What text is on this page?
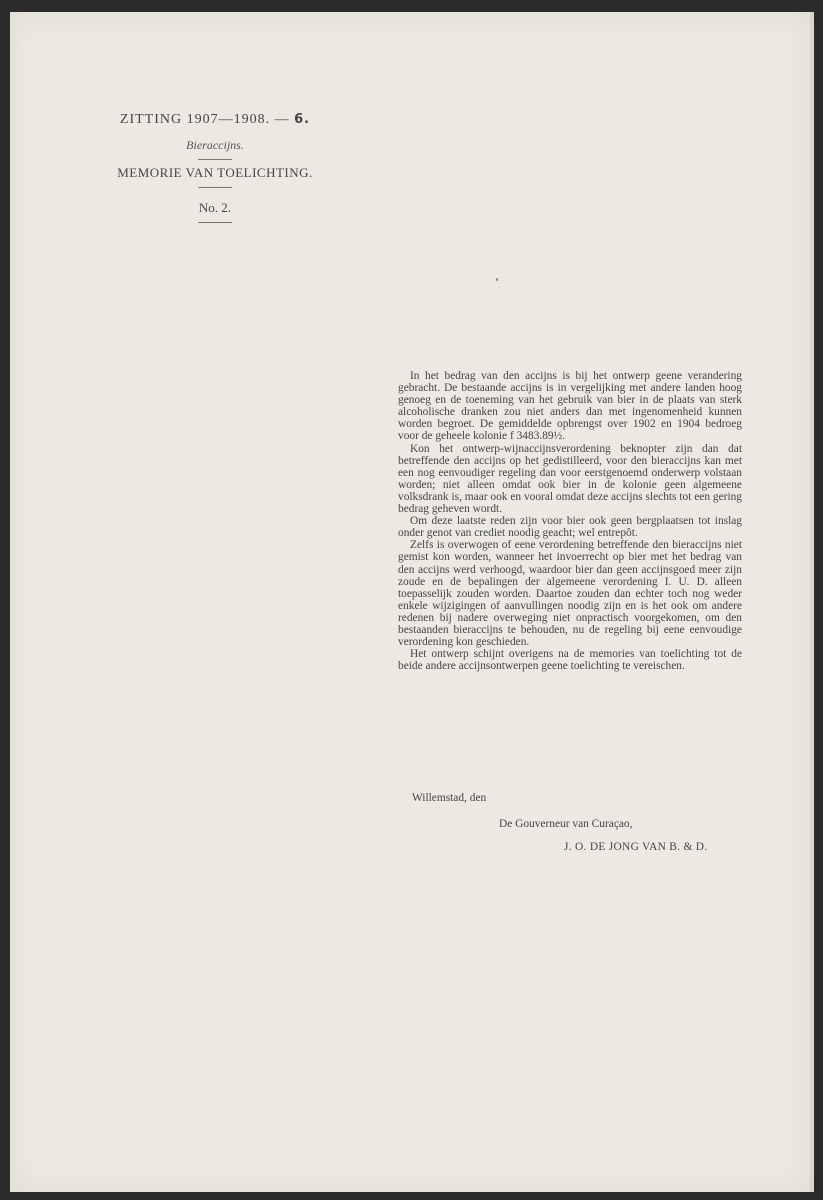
ZITTING 1907—1908. — 6.
Bieraccijns.
MEMORIE VAN TOELICHTING.
No. 2.

In het bedrag van den accijns is bij het ontwerp geene verandering gebracht. De bestaande accijns is in vergelijking met andere landen hoog genoeg en de toeneming van het gebruik van bier in de plaats van sterk alcoholische dranken zou niet anders dan met ingenomenheid kunnen worden begroet. De gemiddelde opbrengst over 1902 en 1904 bedroeg voor de geheele kolonie f 3483.89½.

Kon het ontwerp-wijnaccijnsverordening beknopter zijn dan dat betreffende den accijns op het gedistilleerd, voor den bieraccijns kan met een nog eenvoudiger regeling dan voor eerstgenoemd onderwerp volstaan worden; niet alleen omdat ook bier in de kolonie geen algemeene volksdrank is, maar ook en vooral omdat deze accijns slechts tot een gering bedrag geheven wordt.

Om deze laatste reden zijn voor bier ook geen bergplaatsen tot inslag onder genot van crediet noodig geacht; wel entrepôt.

Zelfs is overwogen of eene verordening betreffende den bieraccijns niet gemist kon worden, wanneer het invoerrecht op bier met het bedrag van den accijns werd verhoogd, waardoor bier dan geen accijnsgoed meer zijn zoude en de bepalingen der algemeene verordening I. U. D. alleen toepasselijk zouden worden. Daartoe zouden dan echter toch nog weder enkele wijzigingen of aanvullingen noodig zijn en is het ook om andere redenen bij nadere overweging niet onpractisch voorgekomen, om den bestaanden bieraccijns te behouden, nu de regeling bij eene eenvoudige verordening kon geschieden.

Het ontwerp schijnt overigens na de memories van toelichting tot de beide andere accijnsontwerpen geene toelichting te vereischen.

Willemstad, den
De Gouverneur van Curaçao,
J. O. DE JONG VAN B. & D.
